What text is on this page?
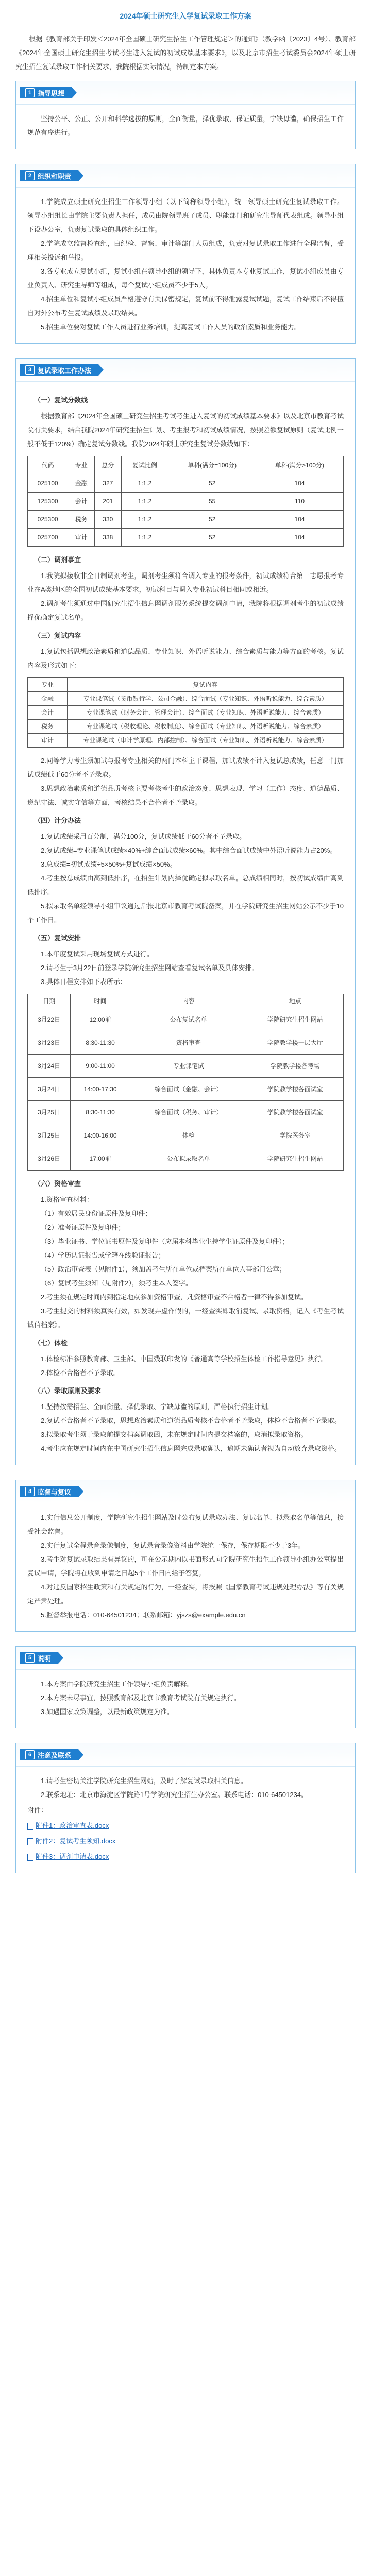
2024年硕士研究生入学复试录取工作方案

根据《教育部关于印发＜2024年全国硕士研究生招生工作管理规定＞的通知》（教学函〔2023〕4号）、教育部《2024年全国硕士研究生招生考试考生进入复试的初试成绩基本要求》，以及北京市招生考试委员会2024年硕士研究生招生复试录取工作相关要求，我院根据实际情况，特制定本方案。

1 指导思想

坚持公平、公正、公开和科学选拔的原则，全面衡量，择优录取，保证质量，宁缺毋滥，确保招生工作规范有序进行。

2 组织和职责

1.学院成立硕士研究生招生工作领导小组（以下简称领导小组），统一领导硕士研究生复试录取工作。领导小组组长由学院主要负责人担任，成员由院领导班子成员、职能部门和研究生导师代表组成。领导小组下设办公室，负责复试录取的具体组织工作。

2.学院成立监督检查组，由纪检、督察、审计等部门人员组成，负责对复试录取工作进行全程监督，受理相关投诉和举报。

3.各专业成立复试小组，复试小组在领导小组的领导下，具体负责本专业复试工作，复试小组成员由专业负责人、研究生导师等组成，每个复试小组成员不少于5人。

4.招生单位和复试小组成员严格遵守有关保密规定，复试前不得泄露复试试题，复试工作结束后不得擅自对外公布考生复试成绩及录取结果。

5.招生单位要对复试工作人员进行业务培训，提高复试工作人员的政治素质和业务能力。

3 复试录取工作办法

（一）复试分数线

根据教育部《2024年全国硕士研究生招生考试考生进入复试的初试成绩基本要求》以及北京市教育考试院有关要求，结合我院2024年研究生招生计划、考生报考和初试成绩情况，按照差额复试原则（复试比例一般不低于120%）确定复试分数线。我院2024年硕士研究生复试分数线如下：

代码	专业	总分	复试比例	单科(满分=100分)	单科(满分>100分)
025100	金融	327	1:1.2	52	104
125300	会计	201	1:1.2	55	110
025300	税务	330	1:1.2	52	104
025700	审计	338	1:1.2	52	104

（二）调剂事宜

1.我院拟接收非全日制调剂考生，调剂考生须符合调入专业的报考条件，初试成绩符合第一志愿报考专业在A类地区的全国初试成绩基本要求，初试科目与调入专业初试科目相同或相近。

2.调剂考生须通过中国研究生招生信息网调剂服务系统提交调剂申请，我院将根据调剂考生的初试成绩择优确定复试名单。

（三）复试内容

1.复试包括思想政治素质和道德品质、专业知识、外语听说能力、综合素质与能力等方面的考核。复试内容及形式如下：

专业	复试内容
金融	专业课笔试（货币银行学、公司金融）、综合面试（专业知识、外语听说能力、综合素质）
会计	专业课笔试（财务会计、管理会计）、综合面试（专业知识、外语听说能力、综合素质）
税务	专业课笔试（税收理论、税收制度）、综合面试（专业知识、外语听说能力、综合素质）
审计	专业课笔试（审计学原理、内部控制）、综合面试（专业知识、外语听说能力、综合素质）

2.同等学力考生须加试与报考专业相关的两门本科主干课程，加试成绩不计入复试总成绩，任意一门加试成绩低于60分者不予录取。

3.思想政治素质和道德品质考核主要考核考生的政治态度、思想表现、学习（工作）态度、道德品质、遵纪守法、诚实守信等方面，考核结果不合格者不予录取。

（四）计分办法

1.复试成绩采用百分制，满分100分，复试成绩低于60分者不予录取。

2.复试成绩=专业课笔试成绩×40%+综合面试成绩×60%。其中综合面试成绩中外语听说能力占20%。

3.总成绩=初试成绩÷5×50%+复试成绩×50%。

4.考生按总成绩由高到低排序，在招生计划内择优确定拟录取名单。总成绩相同时，按初试成绩由高到低排序。

5.拟录取名单经领导小组审议通过后报北京市教育考试院备案，并在学院研究生招生网站公示不少于10个工作日。

（五）复试安排

1.本年度复试采用现场复试方式进行。

2.请考生于3月22日前登录学院研究生招生网站查看复试名单及具体安排。

3.具体日程安排如下表所示：

日期	时间	内容	地点
3月22日	12:00前	公布复试名单	学院研究生招生网站
3月23日	8:30-11:30	资格审查	学院教学楼一层大厅
3月24日	9:00-11:00	专业课笔试	学院教学楼各考场
3月24日	14:00-17:30	综合面试（金融、会计）	学院教学楼各面试室
3月25日	8:30-11:30	综合面试（税务、审计）	学院教学楼各面试室
3月25日	14:00-16:00	体检	学院医务室
3月26日	17:00前	公布拟录取名单	学院研究生招生网站

（六）资格审查

1.资格审查材料：

（1）有效居民身份证原件及复印件；

（2）准考证原件及复印件；

（3）毕业证书、学位证书原件及复印件（应届本科毕业生持学生证原件及复印件）；

（4）学历认证报告或学籍在线验证报告；

（5）政治审查表（见附件1），须加盖考生所在单位或档案所在单位人事部门公章；

（6）复试考生须知（见附件2），须考生本人签字。

2.考生须在规定时间内到指定地点参加资格审查，凡资格审查不合格者一律不得参加复试。

3.考生提交的材料须真实有效，如发现弄虚作假的，一经查实即取消复试、录取资格，记入《考生考试诚信档案》。

（七）体检

1.体检标准参照教育部、卫生部、中国残联印发的《普通高等学校招生体检工作指导意见》执行。

2.体检不合格者不予录取。

（八）录取原则及要求

1.坚持按需招生、全面衡量、择优录取、宁缺毋滥的原则，严格执行招生计划。

2.复试不合格者不予录取，思想政治素质和道德品质考核不合格者不予录取，体检不合格者不予录取。

3.拟录取考生须于录取前提交档案调取函，未在规定时间内提交档案的，取消拟录取资格。

4.考生应在规定时间内在中国研究生招生信息网完成录取确认，逾期未确认者视为自动放弃录取资格。

4 监督与复议

1.实行信息公开制度，学院研究生招生网站及时公布复试录取办法、复试名单、拟录取名单等信息，接受社会监督。

2.实行复试全程录音录像制度，复试录音录像资料由学院统一保存，保存期限不少于3年。

3.考生对复试录取结果有异议的，可在公示期内以书面形式向学院研究生招生工作领导小组办公室提出复议申请，学院将在收到申请之日起5个工作日内给予答复。

4.对违反国家招生政策和有关规定的行为，一经查实，将按照《国家教育考试违规处理办法》等有关规定严肃处理。

5.监督举报电话：010-64501234；联系邮箱：yjszs@example.edu.cn

5 说明

1.本方案由学院研究生招生工作领导小组负责解释。

2.本方案未尽事宜，按照教育部及北京市教育考试院有关规定执行。

3.如遇国家政策调整，以最新政策规定为准。

6 注意及联系

1.请考生密切关注学院研究生招生网站，及时了解复试录取相关信息。

2.联系地址：北京市海淀区学院路1号学院研究生招生办公室。联系电话：010-64501234。

附件：
附件1：政治审查表.docx
附件2：复试考生须知.docx
附件3：调剂申请表.docx
